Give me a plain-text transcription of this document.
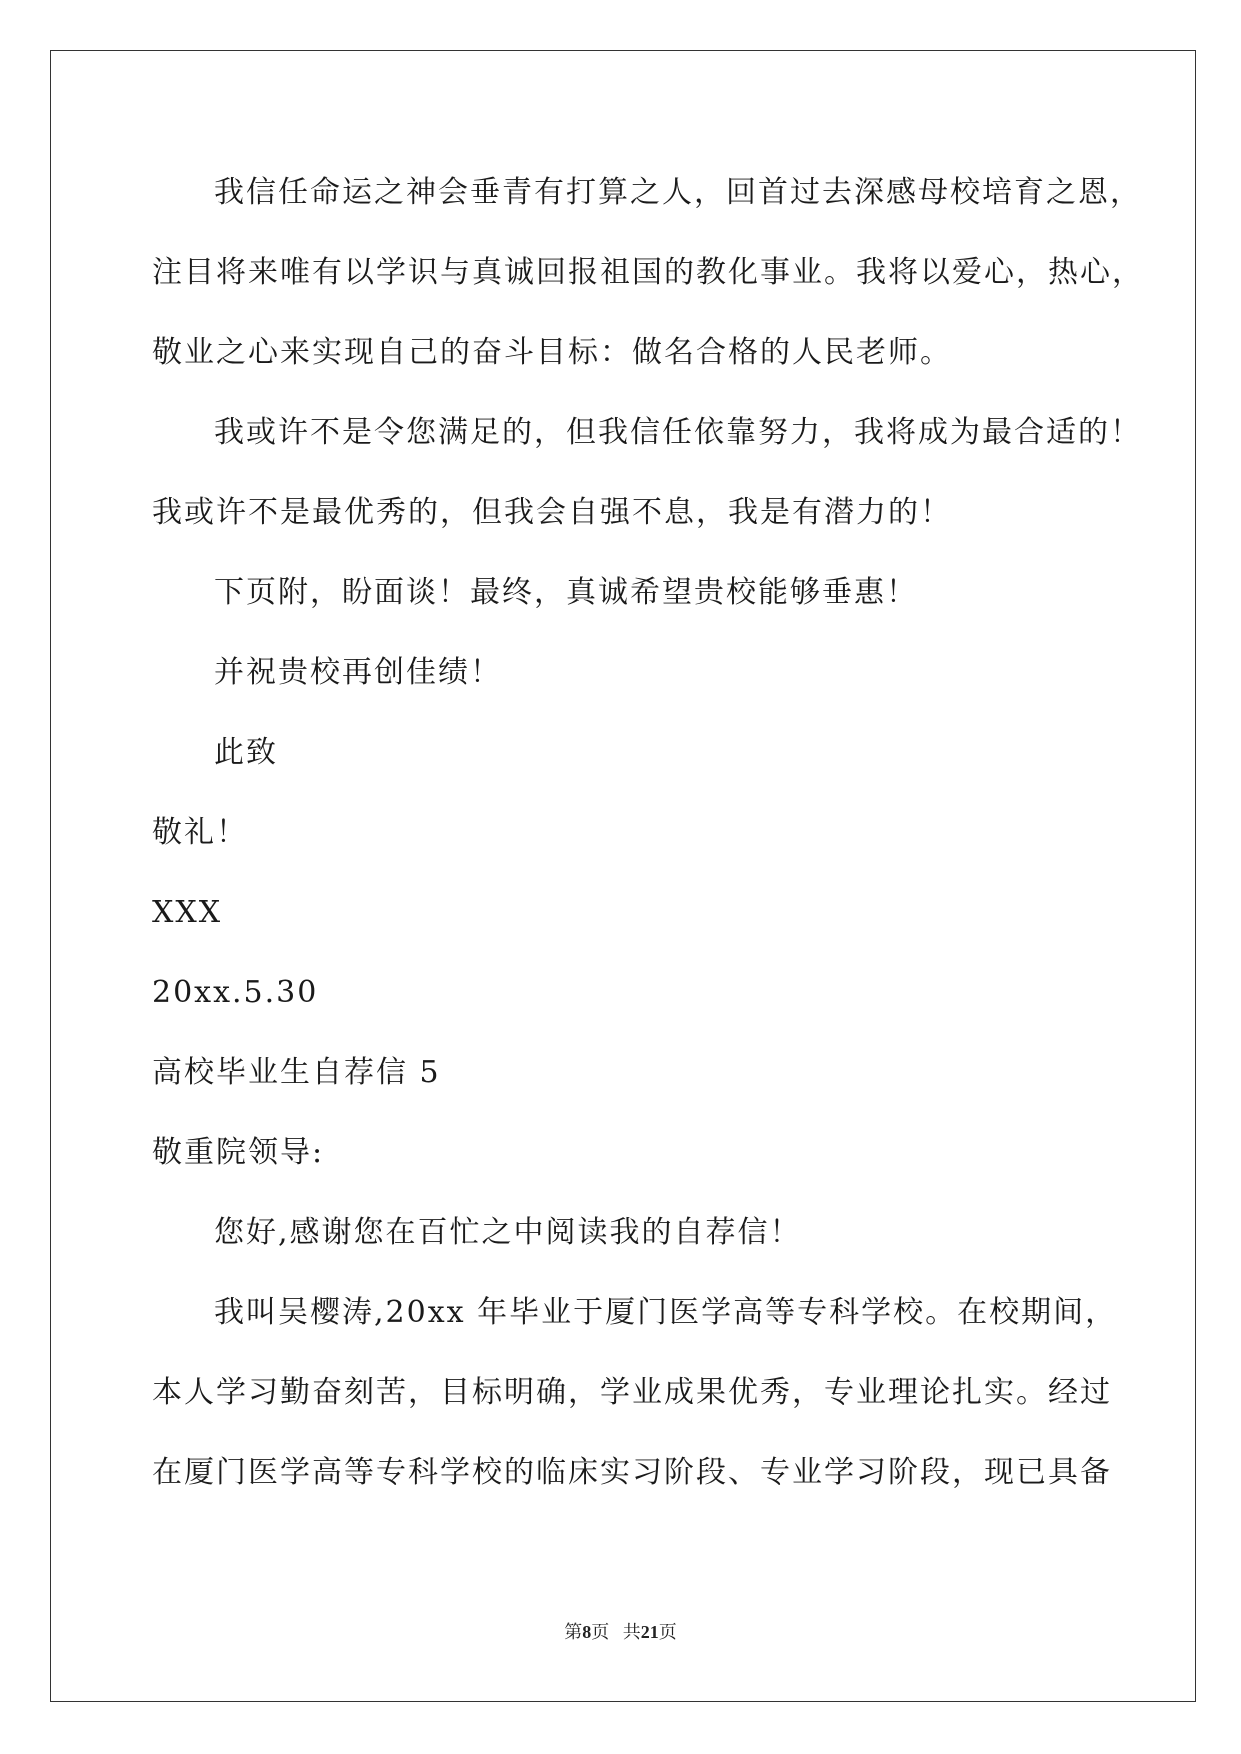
我信任命运之神会垂青有打算之人，回首过去深感母校培育之恩，
注目将来唯有以学识与真诚回报祖国的教化事业。我将以爱心，热心，
敬业之心来实现自己的奋斗目标：做名合格的人民老师。
我或许不是令您满足的，但我信任依靠努力，我将成为最合适的！
我或许不是最优秀的，但我会自强不息，我是有潜力的！
下页附，盼面谈！最终，真诚希望贵校能够垂惠！
并祝贵校再创佳绩！
此致
敬礼！
XXX
20xx.5.30
高校毕业生自荐信 5
敬重院领导:
您好,感谢您在百忙之中阅读我的自荐信！
我叫吴樱涛,20xx 年毕业于厦门医学高等专科学校。在校期间，
本人学习勤奋刻苦，目标明确，学业成果优秀，专业理论扎实。经过
在厦门医学高等专科学校的临床实习阶段、专业学习阶段，现已具备
第8页 共21页
